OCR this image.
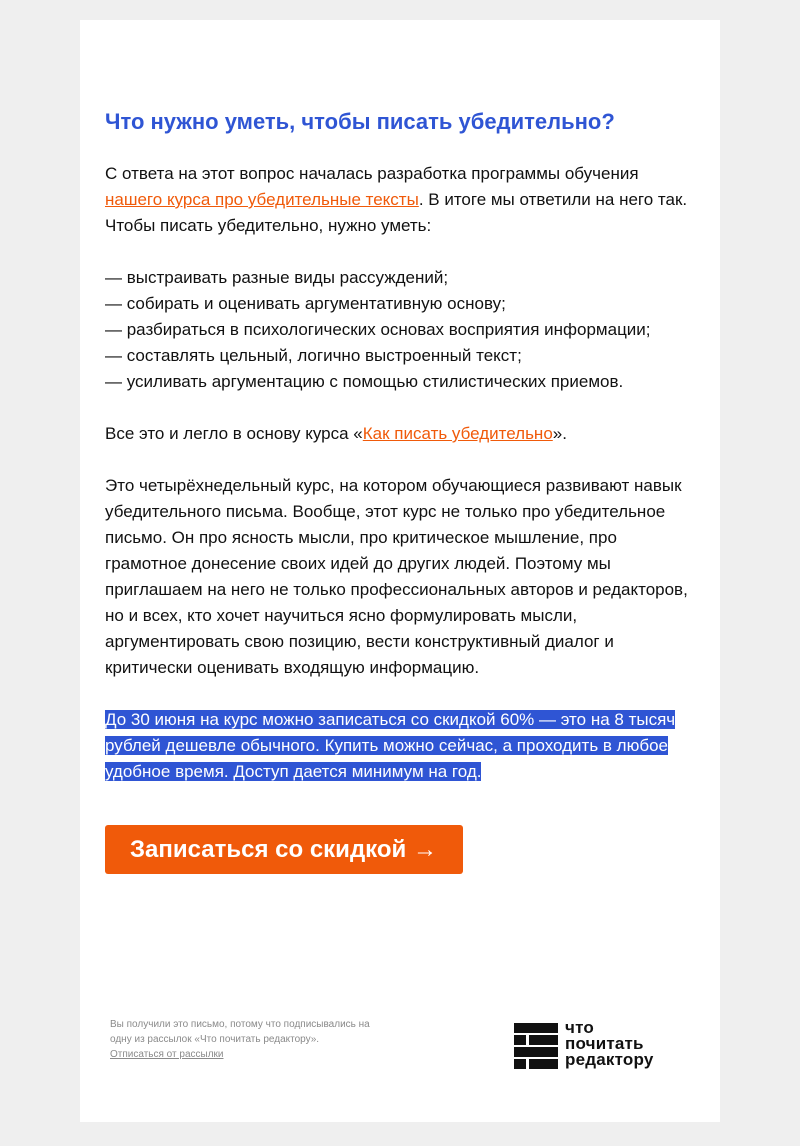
Что нужно уметь, чтобы писать убедительно?

С ответа на этот вопрос началась разработка программы обучения нашего курса про убедительные тексты. В итоге мы ответили на него так. Чтобы писать убедительно, нужно уметь:

— выстраивать разные виды рассуждений;

— собирать и оценивать аргументативную основу;

— разбираться в психологических основах восприятия информации;

— составлять цельный, логично выстроенный текст;

— усиливать аргументацию с помощью стилистических приемов.

Все это и легло в основу курса «Как писать убедительно».

Это четырёхнедельный курс, на котором обучающиеся развивают навык убедительного письма. Вообще, этот курс не только про убедительное письмо. Он про ясность мысли, про критическое мышление, про грамотное донесение своих идей до других людей. Поэтому мы приглашаем на него не только профессиональных авторов и редакторов, но и всех, кто хочет научиться ясно формулировать мысли, аргументировать свою позицию, вести конструктивный диалог и критически оценивать входящую информацию.

До 30 июня на курс можно записаться со скидкой 60% — это на 8 тысяч рублей дешевле обычного. Купить можно сейчас, а проходить в любое удобное время. Доступ дается минимум на год.

Записаться со скидкой →
Вы получили это письмо, потому что подписывались на одну из рассылок «Что почитать редактору».
Отписаться от рассылки
что
почитать
редактору
